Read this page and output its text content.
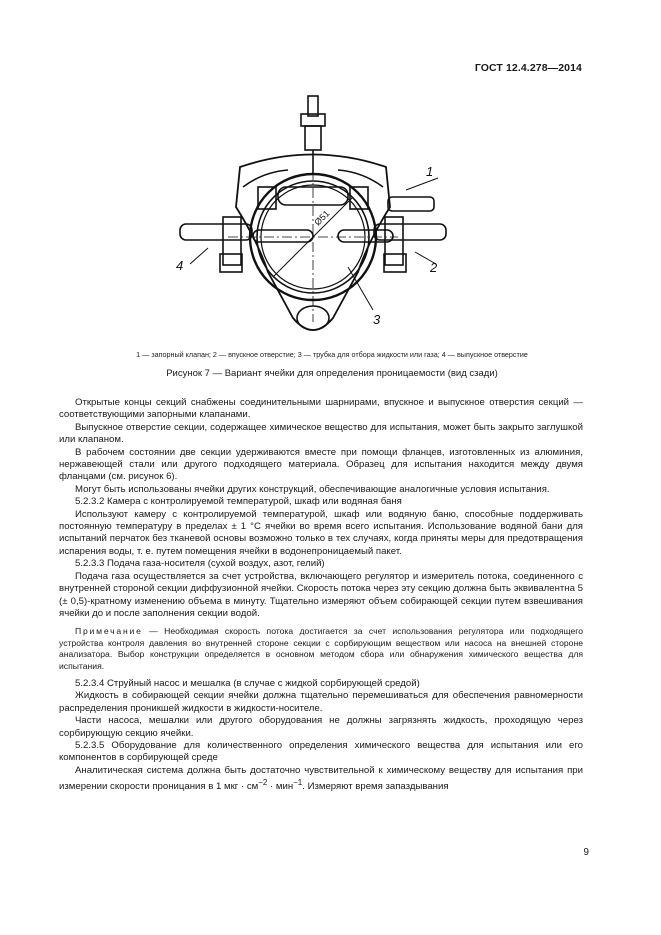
ГОСТ 12.4.278—2014
1
2
3
4
Ø51
1 — запорный клапан; 2 — впускное отверстие; 3 — трубка для отбора жидкости или газа; 4 — выпускное отверстие
Рисунок 7 — Вариант ячейки для определения проницаемости (вид сзади)

Открытые концы секций снабжены соединительными шарнирами, впускное и выпускное отверстия секций — соответствующими запорными клапанами.

Выпускное отверстие секции, содержащее химическое вещество для испытания, может быть закрыто заглушкой или клапаном.

В рабочем состоянии две секции удерживаются вместе при помощи фланцев, изготовленных из алюминия, нержавеющей стали или другого подходящего материала. Образец для испытания находится между двумя фланцами (см. рисунок 6).

Могут быть использованы ячейки других конструкций, обеспечивающие аналогичные условия испытания.

5.2.3.2 Камера с контролируемой температурой, шкаф или водяная баня

Используют камеру с контролируемой температурой, шкаф или водяную баню, способные поддерживать постоянную температуру в пределах ± 1 °С ячейки во время всего испытания. Использование водяной бани для испытаний перчаток без тканевой основы возможно только в тех случаях, когда приняты меры для предотвращения испарения воды, т. е. путем помещения ячейки в водонепроницаемый пакет.

5.2.3.3 Подача газа-носителя (сухой воздух, азот, гелий)

Подача газа осуществляется за счет устройства, включающего регулятор и измеритель потока, соединенного с внутренней стороной секции диффузионной ячейки. Скорость потока через эту секцию должна быть эквивалентна 5 (± 0,5)-кратному изменению объема в минуту. Тщательно измеряют объем собирающей секции путем взвешивания ячейки до и после заполнения секции водой.

Примечание — Необходимая скорость потока достигается за счет использования регулятора или подходящего устройства контроля давления во внутренней стороне секции с сорбирующим веществом или насоса на внешней стороне анализатора. Выбор конструкции определяется в основном методом сбора или обнаружения химического вещества для испытания.

5.2.3.4 Струйный насос и мешалка (в случае с жидкой сорбирующей средой)

Жидкость в собирающей секции ячейки должна тщательно перемешиваться для обеспечения равномерности распределения проникшей жидкости в жидкости-носителе.

Части насоса, мешалки или другого оборудования не должны загрязнять жидкость, проходящую через сорбирующую секцию ячейки.

5.2.3.5 Оборудование для количественного определения химического вещества для испытания или его компонентов в сорбирующей среде

Аналитическая система должна быть достаточно чувствительной к химическому веществу для испытания при измерении скорости проницания в 1 мкг · $см^{-2} \cdot мин^{-1}$. Измеряют время запаздывания

9
